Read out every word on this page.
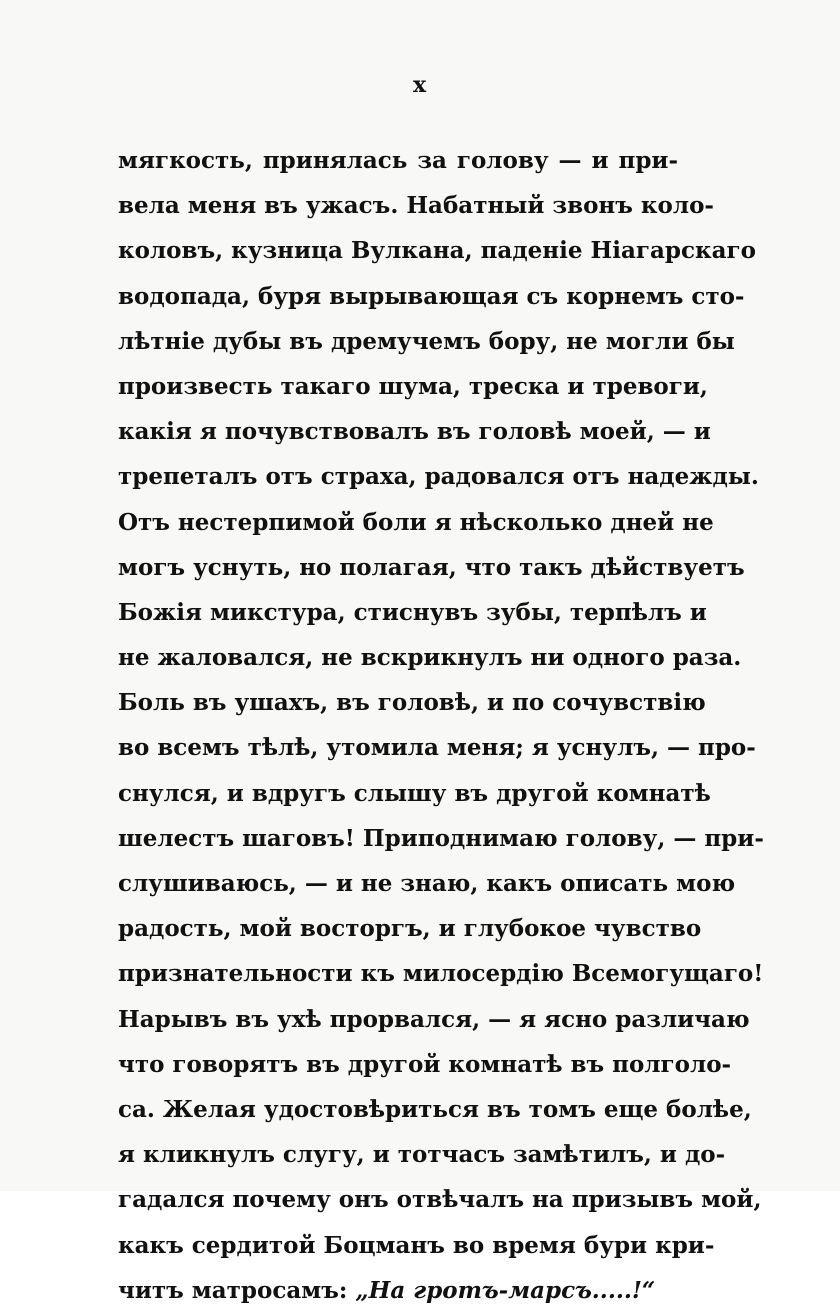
x
мягкость, принялась за голову — и при-
вела меня въ ужасъ. Набатный звонъ коло-
коловъ, кузница Вулкана, паденіе Ніагарскаго
водопада, буря вырывающая съ корнемъ сто-
лѣтніе дубы въ дремучемъ бору, не могли бы
произвесть такаго шума, треска и тревоги,
какія я почувствовалъ въ головѣ моей, — и
трепеталъ отъ страха, радовался отъ надежды.
Отъ нестерпимой боли я нѣсколько дней не
могъ уснуть, но полагая, что такъ дѣйствуетъ
Божія микстура, стиснувъ зубы, терпѣлъ и
не жаловался, не вскрикнулъ ни одного раза.
Боль въ ушахъ, въ головѣ, и по сочувствію
во всемъ тѣлѣ, утомила меня; я уснулъ, — про-
снулся, и вдругъ слышу въ другой комнатѣ
шелестъ шаговъ! Приподнимаю голову, — при-
слушиваюсь, — и не знаю, какъ описать мою
радость, мой восторгъ, и глубокое чувство
признательности къ милосердію Всемогущаго!
Нарывъ въ ухѣ прорвался, — я ясно различаю
что говорятъ въ другой комнатѣ въ полголо-
са. Желая удостовѣриться въ томъ еще болѣе,
я кликнулъ слугу, и тотчасъ замѣтилъ, и до-
гадался почему онъ отвѣчалъ на призывъ мой,
какъ сердитой Боцманъ во время бури кри-
читъ матросамъ: „На гротъ-марсъ.....!“
